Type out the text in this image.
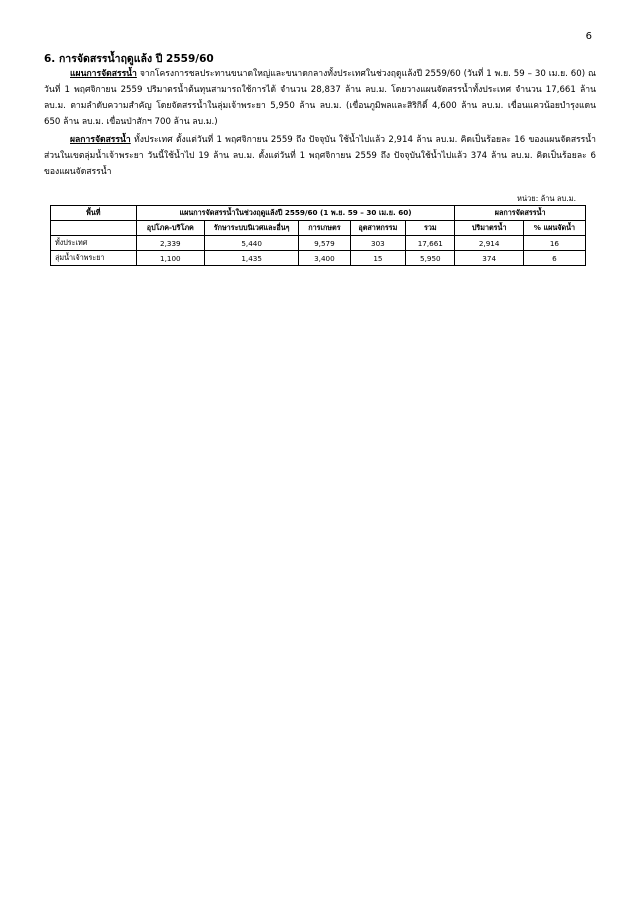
6
6. การจัดสรรน้ำฤดูแล้ง ปี 2559/60
แผนการจัดสรรน้ำ จากโครงการชลประทานขนาดใหญ่และขนาดกลางทั้งประเทศในช่วงฤดูแล้งปี 2559/60 (วันที่ 1 พ.ย. 59 – 30 เม.ย. 60) ณ วันที่ 1 พฤศจิกายน 2559 ปริมาตรน้ำต้นทุนสามารถใช้การได้ จำนวน 28,837 ล้าน ลบ.ม. โดยวางแผนจัดสรรน้ำทั้งประเทศ จำนวน 17,661 ล้าน ลบ.ม. ตามลำดับความสำคัญ โดยจัดสรรน้ำในลุ่มเจ้าพระยา 5,950 ล้าน ลบ.ม. (เขื่อนภูมิพลและสิริกิติ์ 4,600 ล้าน ลบ.ม. เขื่อนแควน้อยบำรุงแดน 650 ล้าน ลบ.ม. เขื่อนป่าสักฯ 700 ล้าน ลบ.ม.)
ผลการจัดสรรน้ำ ทั้งประเทศ ตั้งแต่วันที่ 1 พฤศจิกายน 2559 ถึง ปัจจุบัน ใช้น้ำไปแล้ว 2,914 ล้าน ลบ.ม. คิดเป็นร้อยละ 16 ของแผนจัดสรรน้ำ ส่วนในเขตลุ่มน้ำเจ้าพระยา วันนี้ใช้น้ำไป 19 ล้าน ลบ.ม. ตั้งแต่วันที่ 1 พฤศจิกายน 2559 ถึง ปัจจุบันใช้น้ำไปแล้ว 374 ล้าน ลบ.ม. คิดเป็นร้อยละ 6 ของแผนจัดสรรน้ำ
หน่วย: ล้าน ลบ.ม.
พื้นที่	แผนการจัดสรรน้ำในช่วงฤดูแล้งปี 2559/60 (1 พ.ย. 59 – 30 เม.ย. 60)					ผลการจัดสรรน้ำ	
	อุปโภค-บริโภค	รักษาระบบนิเวศและอื่นๆ	การเกษตร	อุตสาหกรรม	รวม	ปริมาตรน้ำ	% แผนจัดน้ำ
ทั้งประเทศ	2,339	5,440	9,579	303	17,661	2,914	16
ลุ่มน้ำเจ้าพระยา	1,100	1,435	3,400	15	5,950	374	6
